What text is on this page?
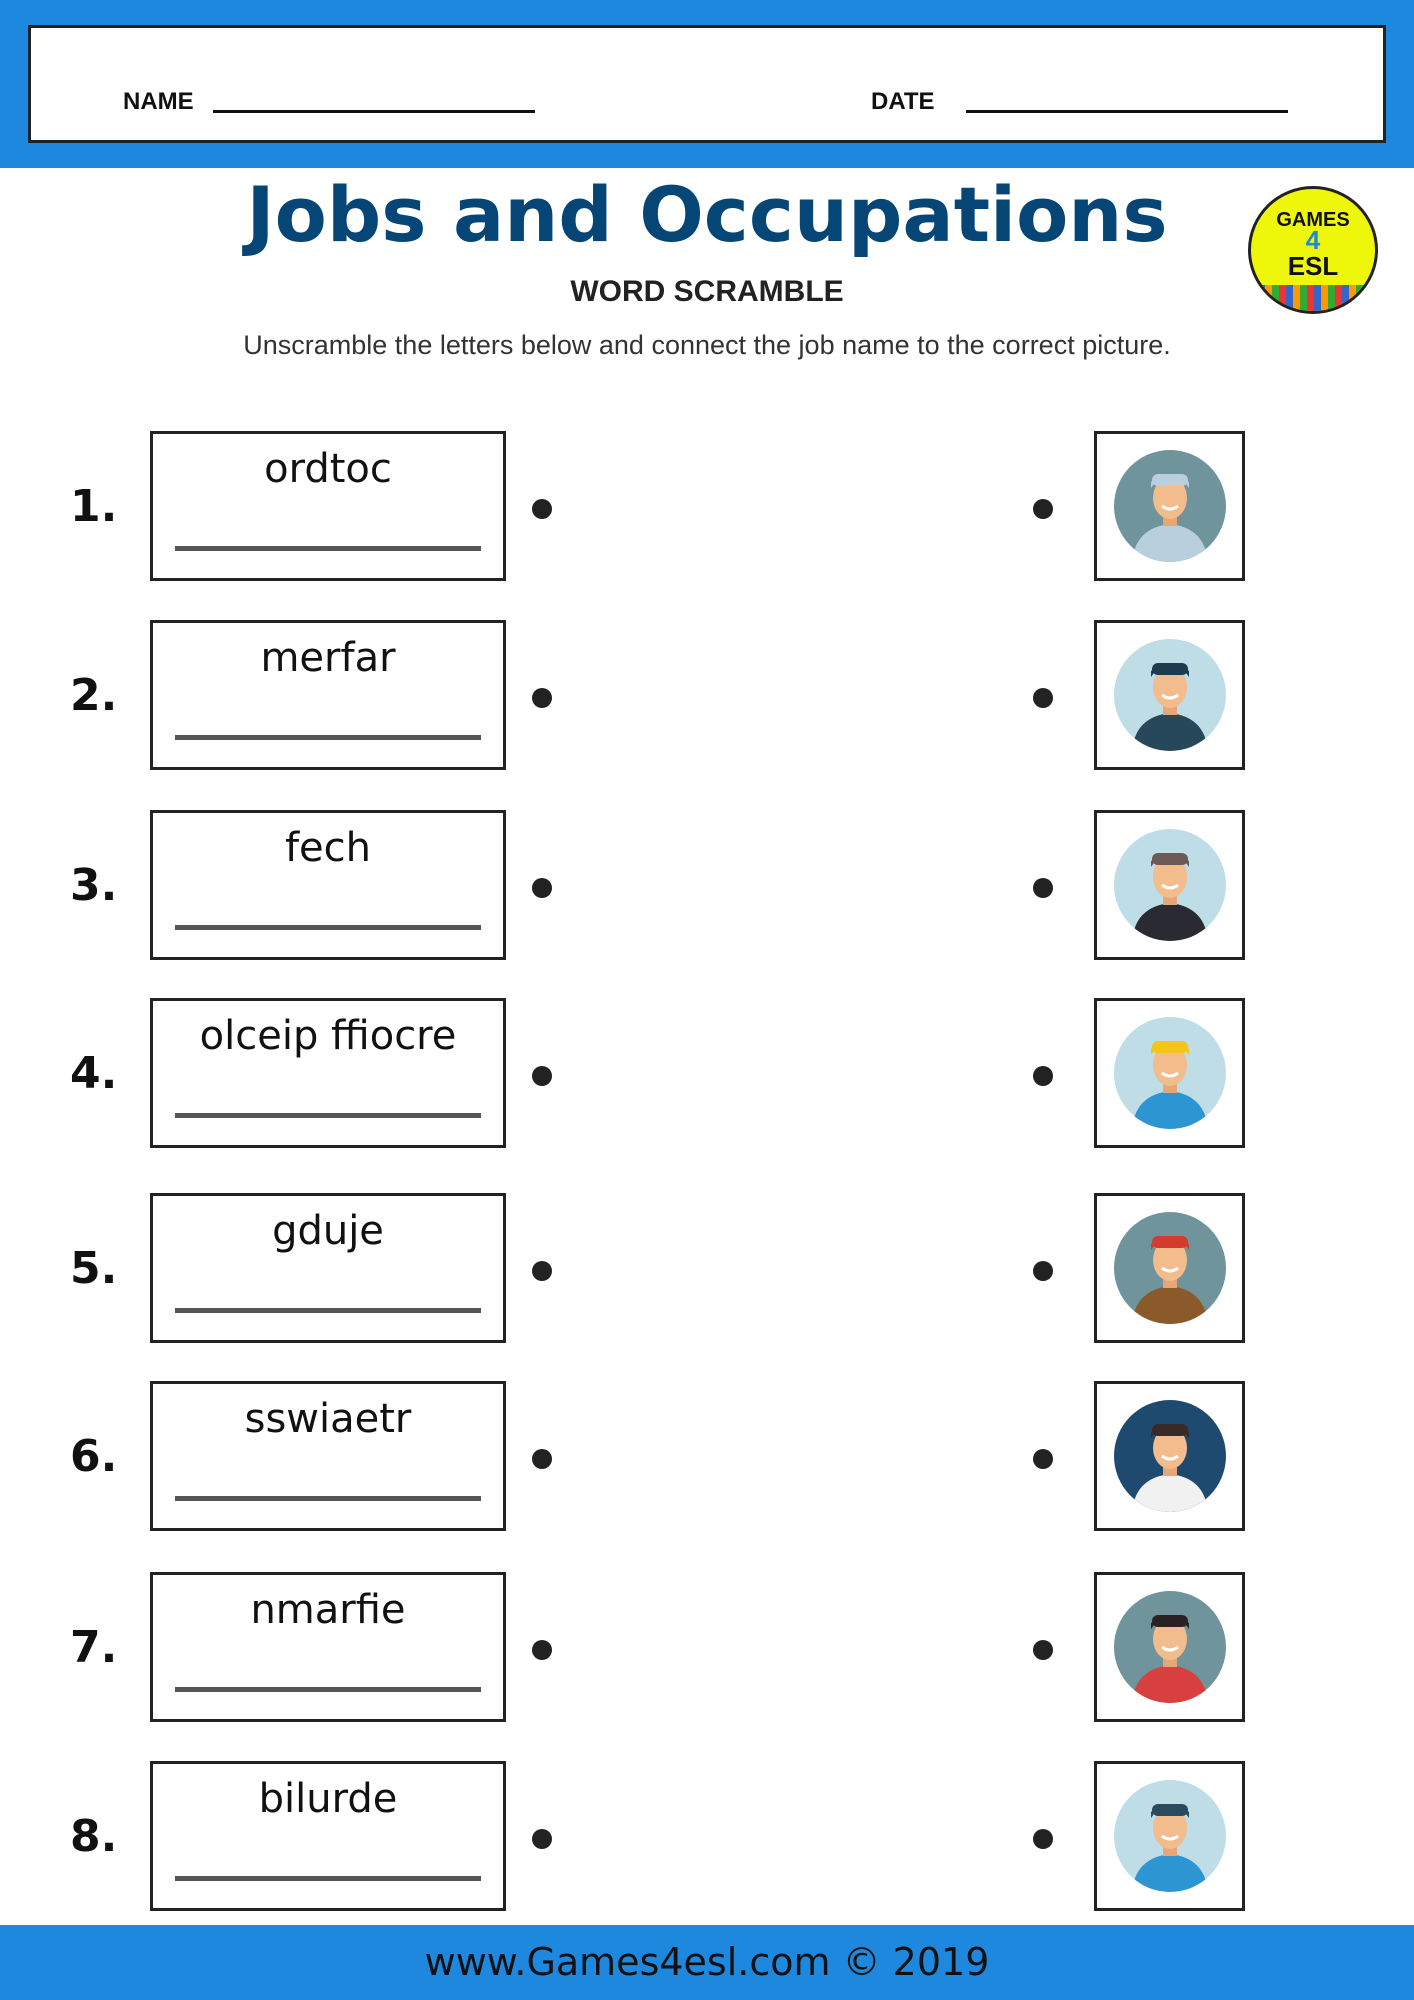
NAME	DATE
Jobs and Occupations
WORD SCRAMBLE
Unscramble the letters below and connect the job name to the correct picture.
GAMES
4
ESL
1.
ordtoc
2.
merfar
3.
fech
4.
olceip ffiocre
5.
gduje
6.
sswiaetr
7.
nmarfie
8.
bilurde
www.Games4esl.com © 2019
